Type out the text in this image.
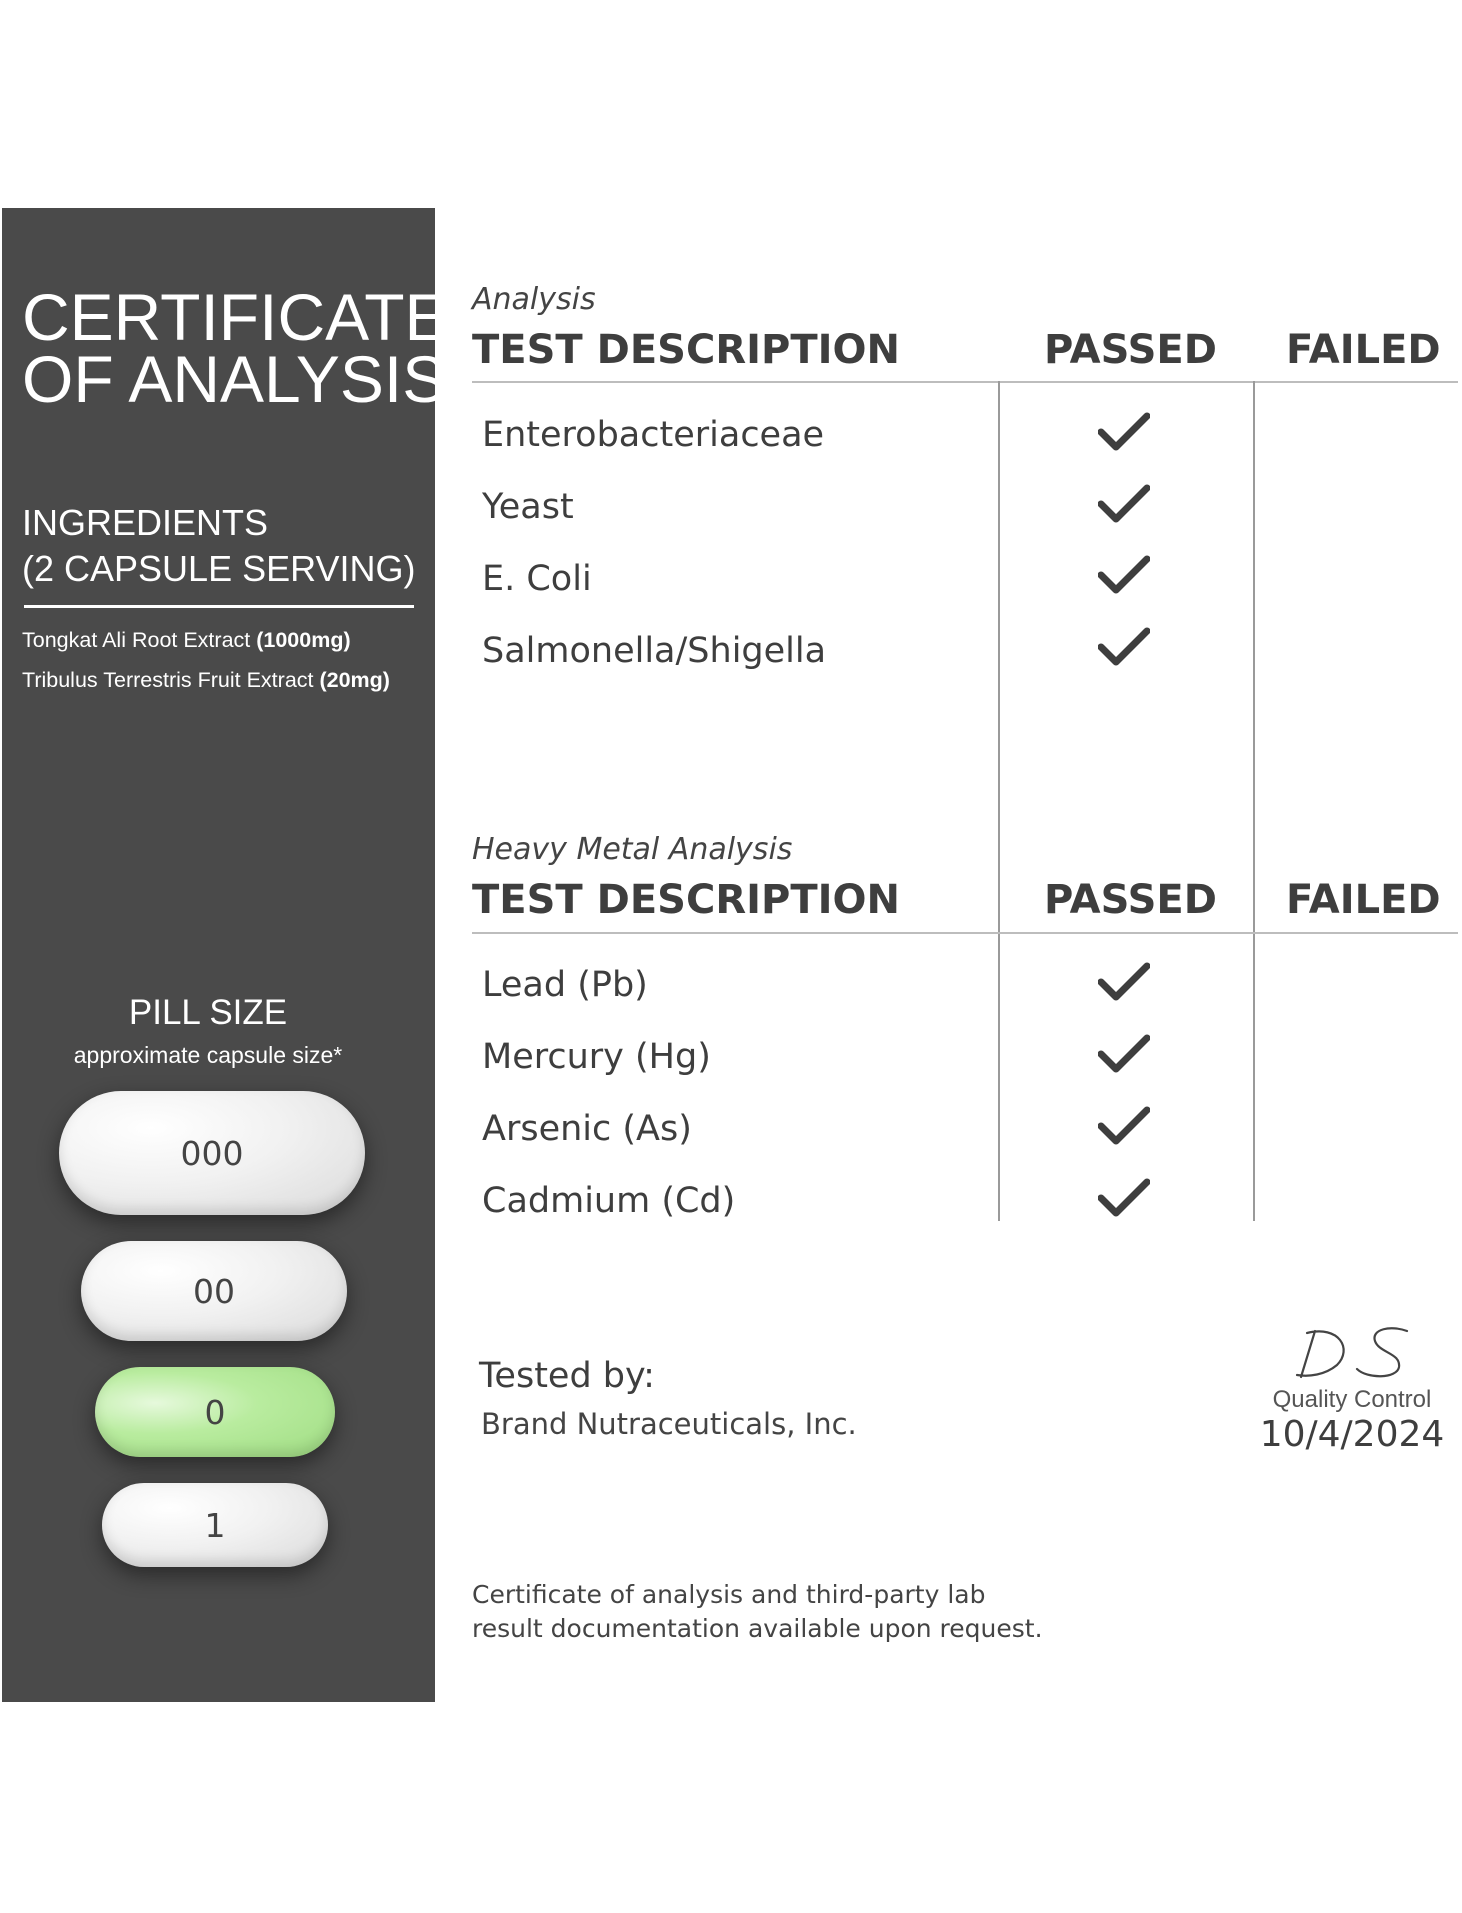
CERTIFICATE
OF ANALYSIS
INGREDIENTS
(2 CAPSULE SERVING)
Tongkat Ali Root Extract (1000mg)
Tribulus Terrestris Fruit Extract (20mg)
PILL SIZE
approximate capsule size*
000
00
0
1

Analysis

TEST DESCRIPTION	PASSED FAILED

Enterobacteriaceae

Yeast

E. Coli

Salmonella/Shigella

Heavy Metal Analysis

TEST DESCRIPTION	PASSED FAILED

Lead (Pb)

Mercury (Hg)

Arsenic (As)

Cadmium (Cd)

Tested by:

Brand Nutraceuticals, Inc.
Quality Control
10/4/2024

Certificate of analysis and third-party lab
result documentation available upon request.
